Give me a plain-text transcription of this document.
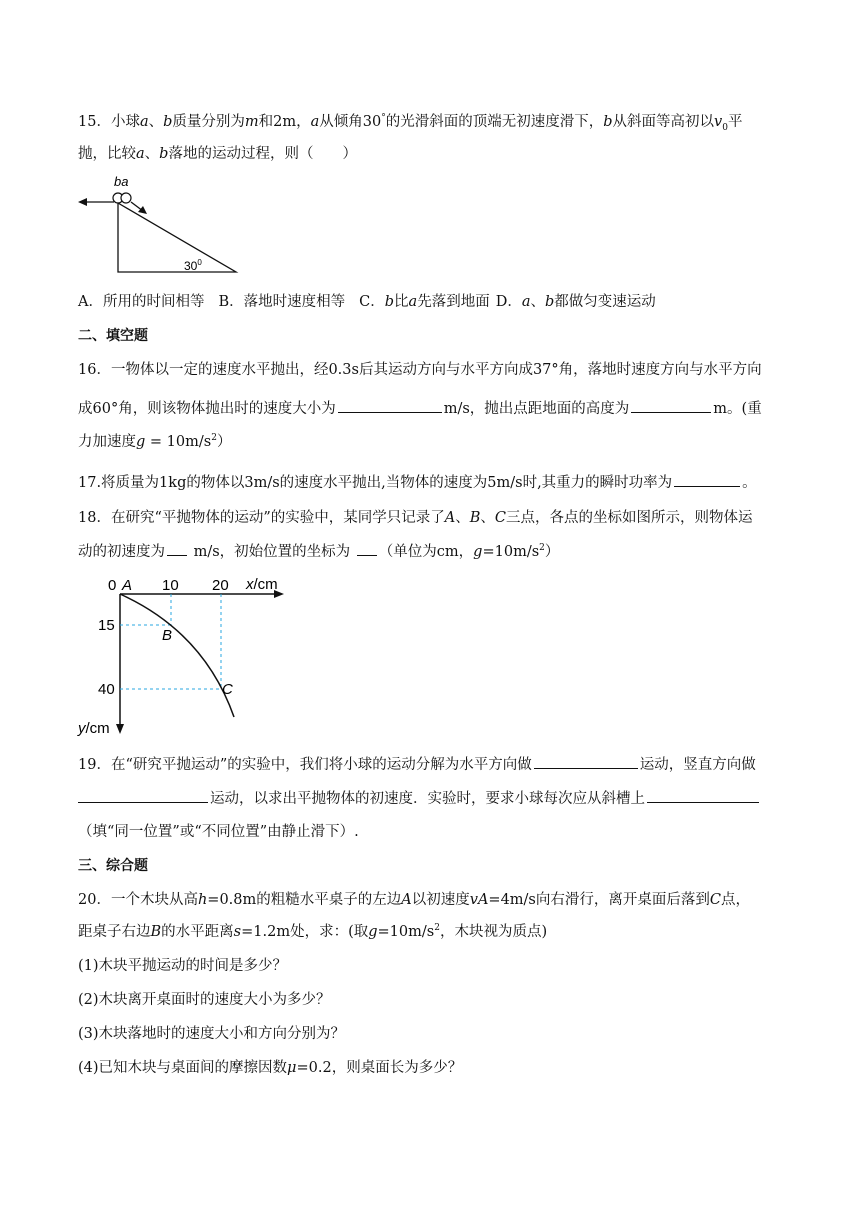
15．小球a、b质量分别为m和2m，a从倾角30°的光滑斜面的顶端无初速度滑下，b从斜面等高初以$v_0$平
抛，比较a、b落地的运动过程，则（　　）
ba
$30^0$
A．所用的时间相等 B．落地时速度相等 C．b比a先落到地面 D．a、b都做匀变速运动
二、填空题
16．一物体以一定的速度水平抛出，经0.3s后其运动方向与水平方向成37°角，落地时速度方向与水平方向
成60°角，则该物体抛出时的速度大小为	m/s，抛出点距地面的高度为	m。(重
力加速度$g = 10m/s^2$）
17.将质量为1kg的物体以3m/s的速度水平抛出,当物体的速度为5m/s时,其重力的瞬时功率为	。
18．在研究“平抛物体的运动”的实验中，某同学只记录了A、B、C三点，各点的坐标如图所示，则物体运
动的初速度为 m/s，初始位置的坐标为 （单位为cm，$g=10m/s^2$）
0 A 10 20 x/cm
15
40
B
C
y/cm
19．在“研究平抛运动”的实验中，我们将小球的运动分解为水平方向做	运动，竖直方向做
运动，以求出平抛物体的初速度．实验时，要求小球每次应从斜槽上
（填“同一位置”或“不同位置”由静止滑下）.
三、综合题
20．一个木块从高h=0.8m的粗糙水平桌子的左边A以初速度vA=4m/s向右滑行，离开桌面后落到C点，
距桌子右边B的水平距离s=1.2m处，求：(取$g=10m/s^2$，木块视为质点)
(1)木块平抛运动的时间是多少？
(2)木块离开桌面时的速度大小为多少？
(3)木块落地时的速度大小和方向分别为？
(4)已知木块与桌面间的摩擦因数μ=0.2，则桌面长为多少？
